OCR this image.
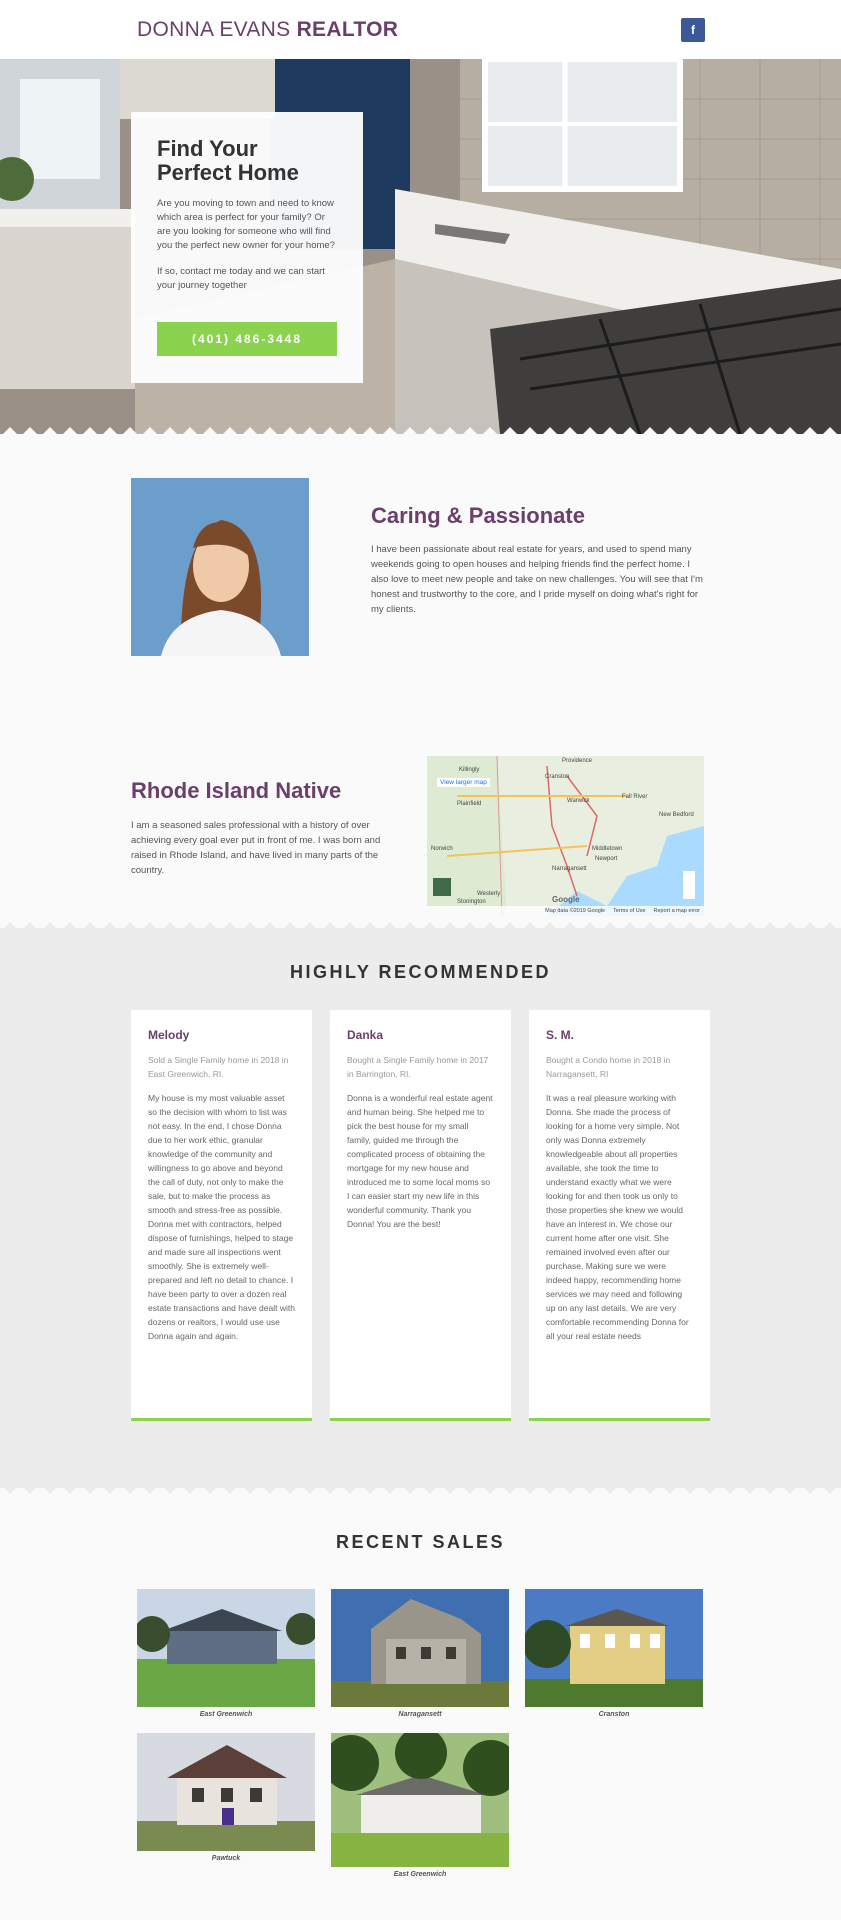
DONNA EVANS REALTOR	f
Find Your
Perfect Home

Are you moving to town and need to know which area is perfect for your family? Or are you looking for someone who will find you the perfect new owner for your home?

If so, contact me today and we can start your journey together

(401) 486-3448
Caring & Passionate

I have been passionate about real estate for years, and used to spend many weekends going to open houses and helping friends find the perfect home. I also love to meet new people and take on new challenges. You will see that I'm honest and trustworthy to the core, and I pride myself on doing what's right for my clients.

Rhode Island Native

I am a seasoned sales professional with a history of over achieving every goal ever put in front of me. I was born and raised in Rhode Island, and have lived in many parts of the country.

View larger map
Providence
Cranston
Killingly
Plainfield	Warwick
Fall River
New Bedford
Norwich	Middletown
Newport
Narragansett
Westerly
Stonington	Google
Map data ©2019 Google Terms of Use Report a map error
HIGHLY RECOMMENDED
Melody
Sold a Single Family home in 2018 in East Greenwich, RI.
My house is my most valuable asset so the decision with whom to list was not easy. In the end, I chose Donna due to her work ethic, granular knowledge of the community and willingness to go above and beyond the call of duty, not only to make the sale, but to make the process as smooth and stress-free as possible. Donna met with contractors, helped dispose of furnishings, helped to stage and made sure all inspections went smoothly. She is extremely well-prepared and left no detail to chance. I have been party to over a dozen real estate transactions and have dealt with dozens or realtors, I would use use Donna again and again.
Danka
Bought a Single Family home in 2017 in Barrington, RI.
Donna is a wonderful real estate agent and human being. She helped me to pick the best house for my small family, guided me through the complicated process of obtaining the mortgage for my new house and introduced me to some local moms so I can easier start my new life in this wonderful community. Thank you Donna! You are the best!
S. M.
Bought a Condo home in 2018 in Narragansett, RI
It was a real pleasure working with Donna. She made the process of looking for a home very simple. Not only was Donna extremely knowledgeable about all properties available, she took the time to understand exactly what we were looking for and then took us only to those properties she knew we would have an interest in. We chose our current home after one visit. She remained involved even after our purchase. Making sure we were indeed happy, recommending home services we may need and following up on any last details. We are very comfortable recommending Donna for all your real estate needs
RECENT SALES
East Greenwich	Narragansett	Cranston
Pawtuck
East Greenwich
